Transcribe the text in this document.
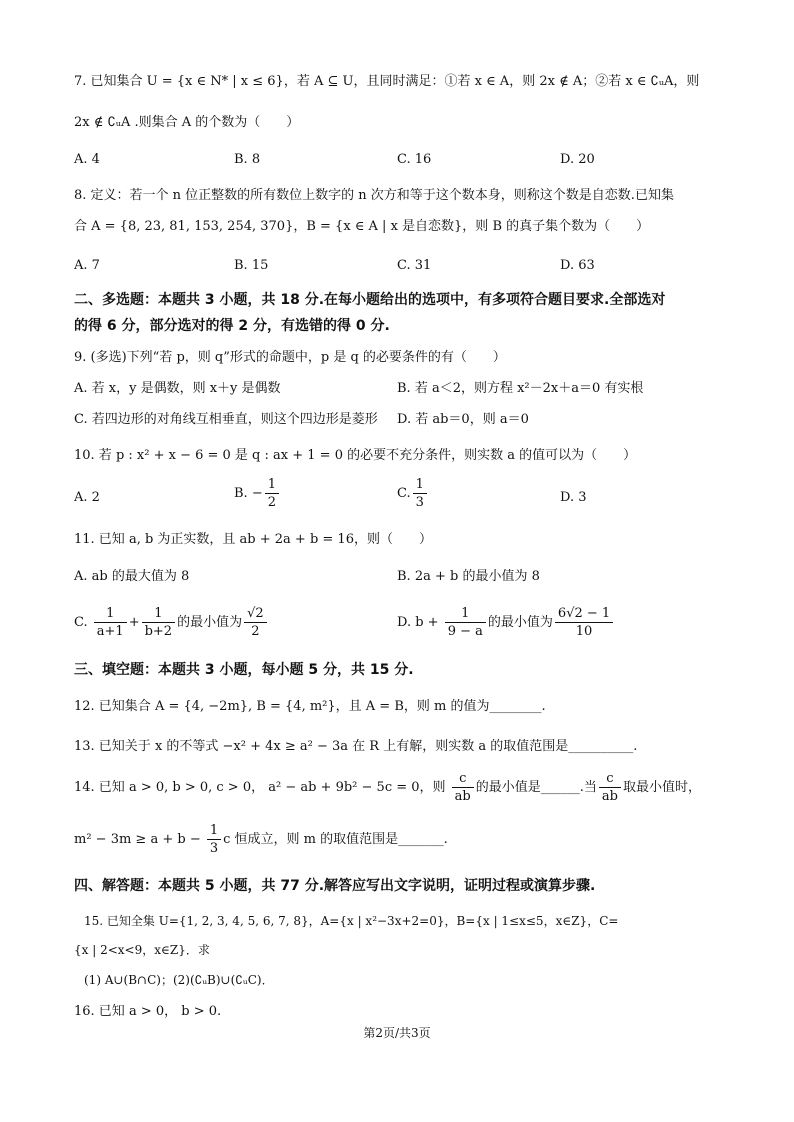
7. 已知集合 U = {x ∈ N* | x ≤ 6}，若 A ⊆ U，且同时满足：①若 x ∈ A，则 2x ∉ A；②若 x ∈ ∁ᵤA，则
2x ∉ ∁ᵤA .则集合 A 的个数为（　　）
A. 4	B. 8	C. 16	D. 20
8. 定义：若一个 n 位正整数的所有数位上数字的 n 次方和等于这个数本身，则称这个数是自恋数.已知集
合 A = {8, 23, 81, 153, 254, 370}，B = {x ∈ A | x 是自恋数}，则 B 的真子集个数为（　　）
A. 7	B. 15	C. 31	D. 63
二、多选题：本题共 3 小题，共 18 分.在每小题给出的选项中，有多项符合题目要求.全部选对
的得 6 分，部分选对的得 2 分，有选错的得 0 分.
9. (多选)下列“若 p，则 q”形式的命题中，p 是 q 的必要条件的有（　　）
A. 若 x，y 是偶数，则 x＋y 是偶数	B. 若 a＜2，则方程 x²－2x＋a＝0 有实根
C. 若四边形的对角线互相垂直，则这个四边形是菱形 D. 若 ab＝0，则 a＝0
10. 若 p : x² + x − 6 = 0 是 q : ax + 1 = 0 的必要不充分条件，则实数 a 的值可以为（　　）
A. 2	B. − $\frac{1}{2}$	C. $\frac{1}{3}$	D. 3
11. 已知 a, b 为正实数，且 ab + 2a + b = 16，则（　　）
A. ab 的最大值为 8	B. 2a + b 的最小值为 8
C. $\frac{1}{a+1} + \frac{1}{b+2}$ 的最小值为 $\frac{√2}{2}$	D. $b + \frac{1}{9 - a}$ 的最小值为 $\frac{6√2 - 1}{10}$
三、填空题：本题共 3 小题，每小题 5 分，共 15 分.
12. 已知集合 A = {4, −2m}, B = {4, m²}，且 A = B，则 m 的值为________.
13. 已知关于 x 的不等式 −x² + 4x ≥ a² − 3a 在 R 上有解，则实数 a 的取值范围是__________.
14. 已知 a > 0, b > 0, c > 0， a² − ab + 9b² − 5c = 0，则 $\frac{c}{ab}$ 的最小值是______.当 $\frac{c}{ab}$ 取最小值时，
$m^2 - 3m \ge a + b - \frac{1}{3}$ c 恒成立，则 m 的取值范围是_______.
四、解答题：本题共 5 小题，共 77 分.解答应写出文字说明，证明过程或演算步骤.
15. 已知全集 U={1, 2, 3, 4, 5, 6, 7, 8}，A={x | x²−3x+2=0}，B={x | 1≤x≤5，x∈Z}，C=
{x | 2<x<9，x∈Z}．求
(1) A∪(B∩C)；(2)(∁ᵤB)∪(∁ᵤC)．
16. 已知 a > 0， b > 0.
第2页/共3页
